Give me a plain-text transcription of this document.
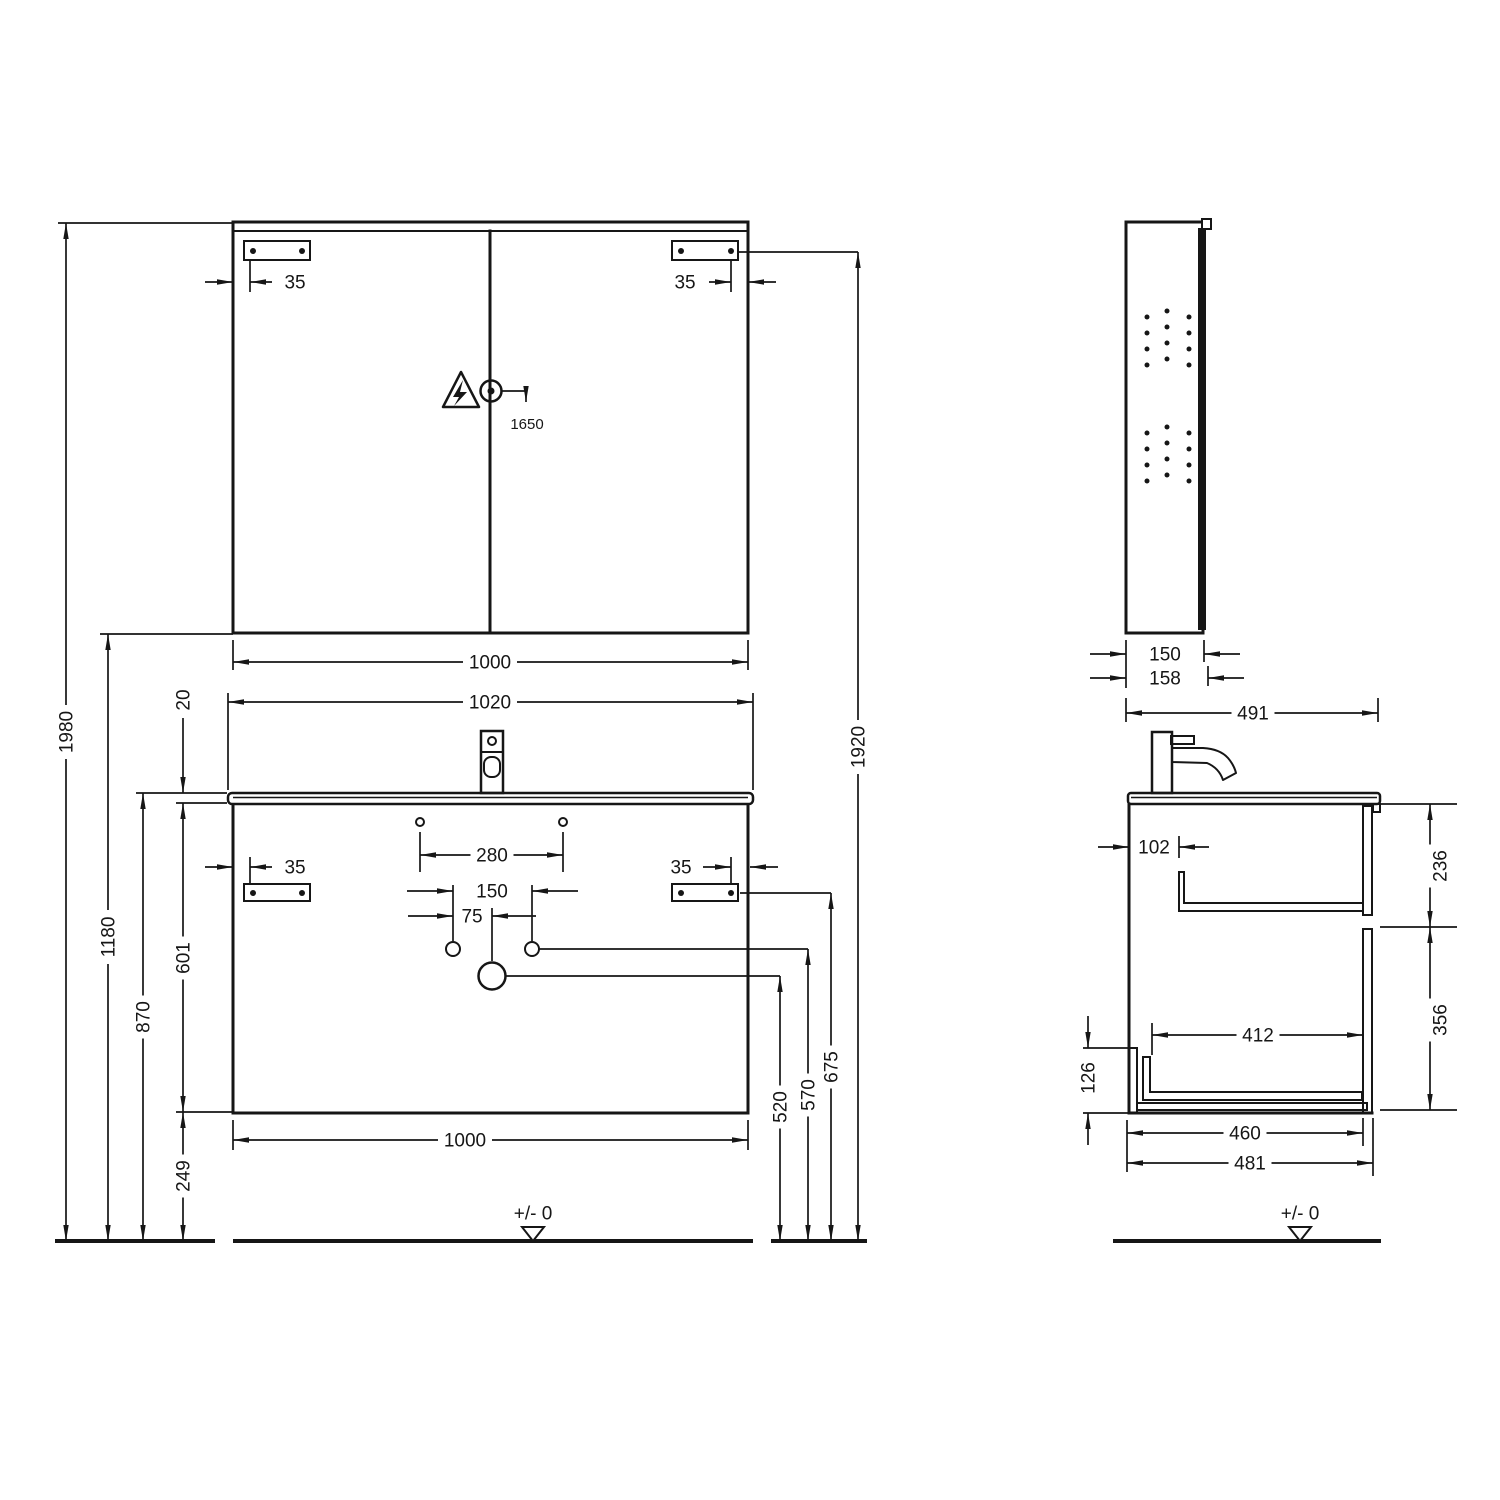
35	35
1650
1000
1020
280
150
75
35	35
1000
+/- 0	+/- 0
150
158
491
102
412
460
481
1980
1180
870
20
601
249
520 570
675
1920
126
236
356
